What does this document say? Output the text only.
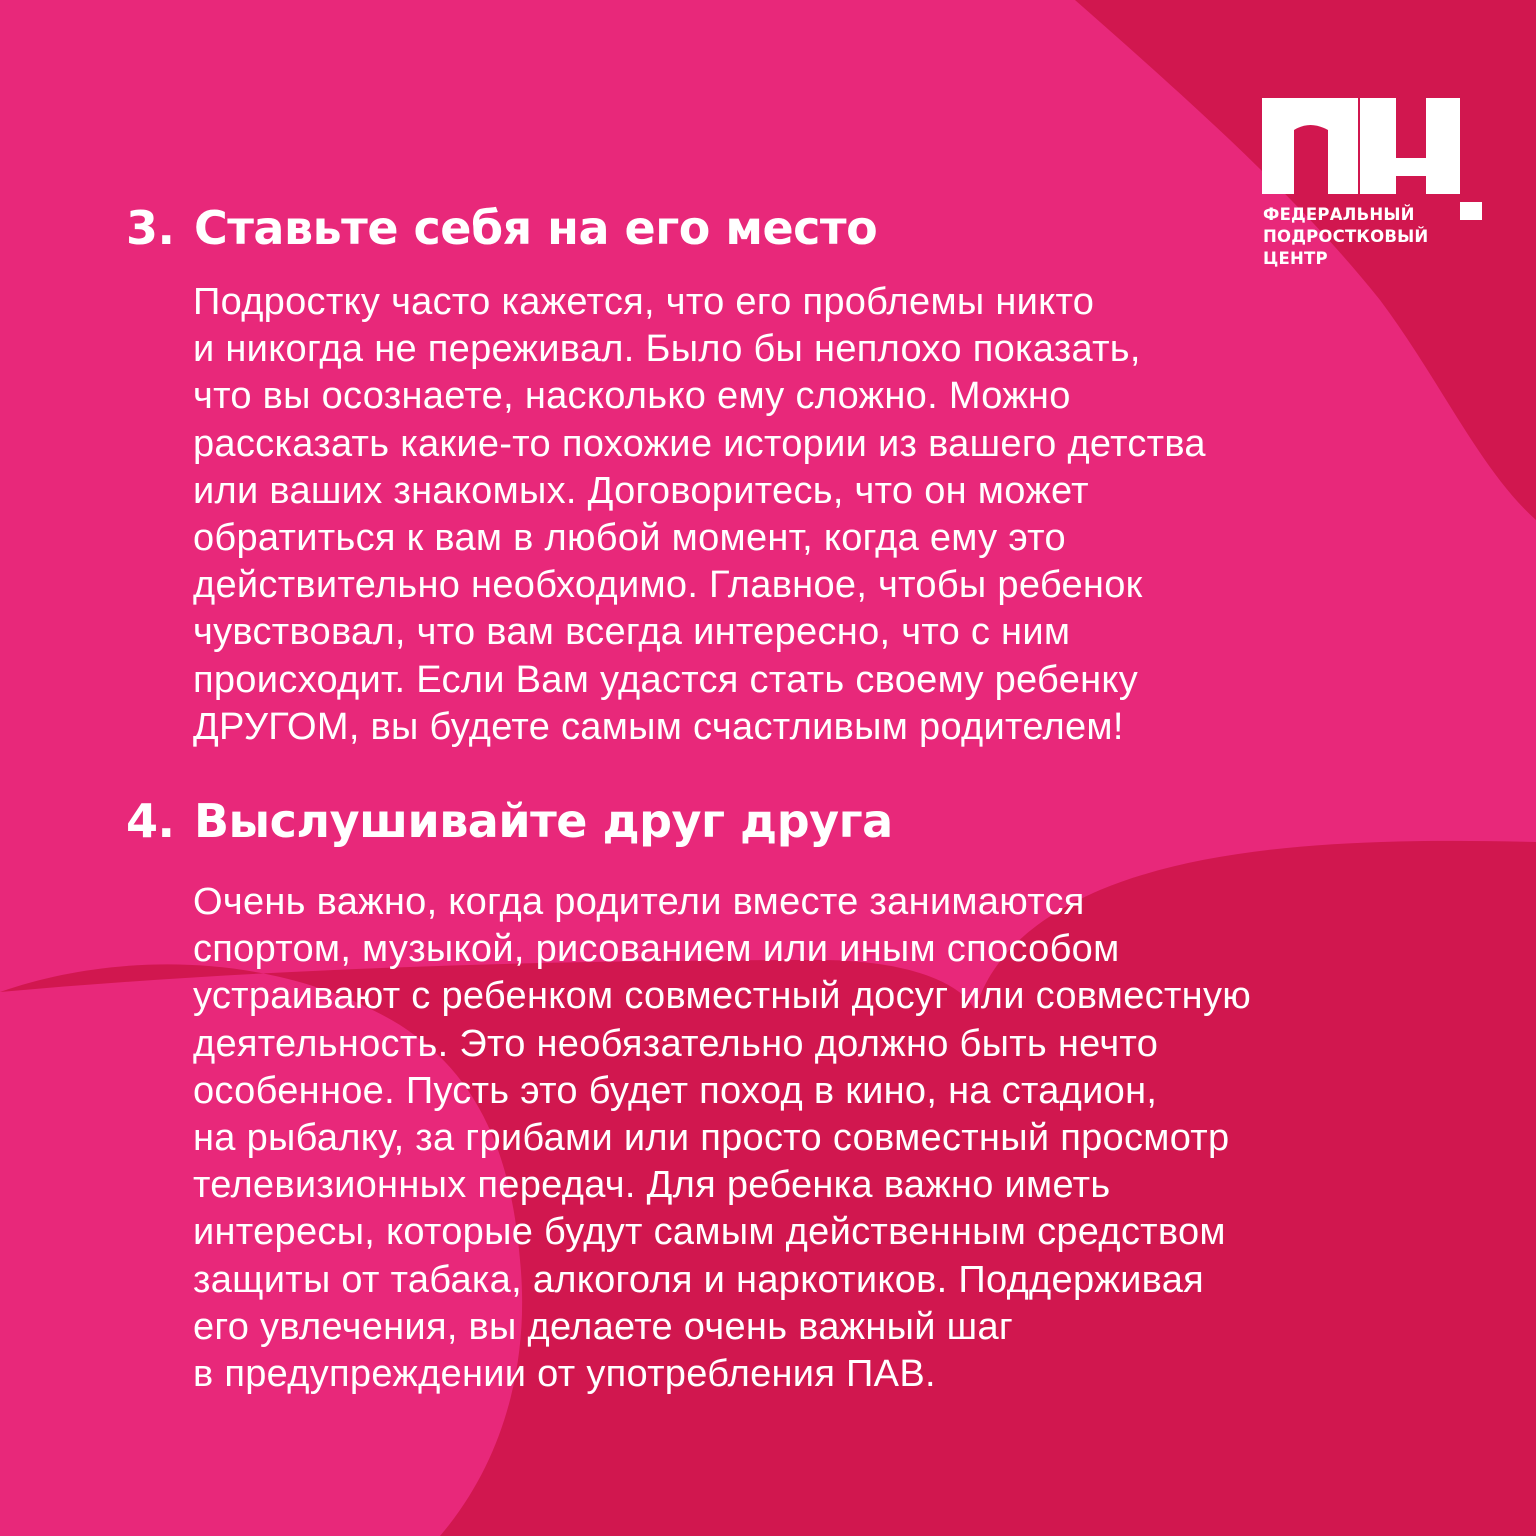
ФЕДЕРАЛЬНЫЙ
ПОДРОСТКОВЫЙ
ЦЕНТР
3. Ставьте себя на его место
Подростку часто кажется, что его проблемы никто
и никогда не переживал. Было бы неплохо показать,
что вы осознаете, насколько ему сложно. Можно
рассказать какие-то похожие истории из вашего детства
или ваших знакомых. Договоритесь, что он может
обратиться к вам в любой момент, когда ему это
действительно необходимо. Главное, чтобы ребенок
чувствовал, что вам всегда интересно, что с ним
происходит. Если Вам удастся стать своему ребенку
ДРУГОМ, вы будете самым счастливым родителем!
4. Выслушивайте друг друга
Очень важно, когда родители вместе занимаются
спортом, музыкой, рисованием или иным способом
устраивают с ребенком совместный досуг или совместную
деятельность. Это необязательно должно быть нечто
особенное. Пусть это будет поход в кино, на стадион,
на рыбалку, за грибами или просто совместный просмотр
телевизионных передач. Для ребенка важно иметь
интересы, которые будут самым действенным средством
защиты от табака, алкоголя и наркотиков. Поддерживая
его увлечения, вы делаете очень важный шаг
в предупреждении от употребления ПАВ.
